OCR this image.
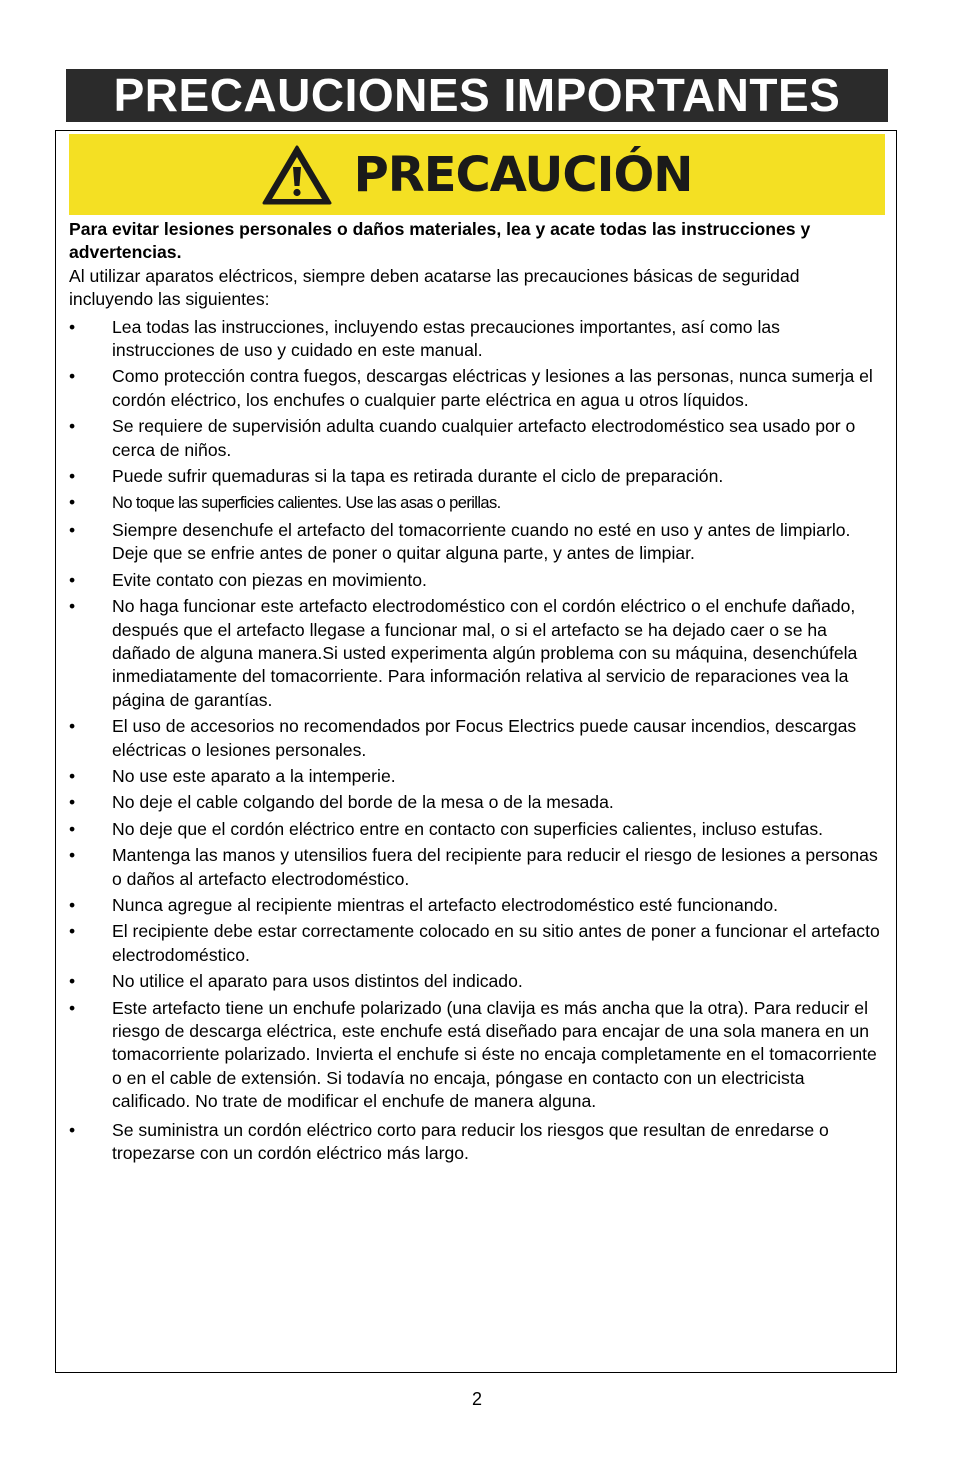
PRECAUCIONES IMPORTANTES
PRECAUCIÓN

Para evitar lesiones personales o daños materiales, lea y acate todas las instrucciones y advertencias.

Al utilizar aparatos eléctricos, siempre deben acatarse las precauciones básicas de seguridad incluyendo las siguientes:

•	Lea todas las instrucciones, incluyendo estas precauciones importantes, así como las instrucciones de uso y cuidado en este manual.
•	Como protección contra fuegos, descargas eléctricas y lesiones a las personas, nunca sumerja el cordón eléctrico, los enchufes o cualquier parte eléctrica en agua u otros líquidos.
•	Se requiere de supervisión adulta cuando cualquier artefacto electrodoméstico sea usado por o cerca de niños.
•	Puede sufrir quemaduras si la tapa es retirada durante el ciclo de preparación.
•	No toque las superficies calientes. Use las asas o perillas.
•	Siempre desenchufe el artefacto del tomacorriente cuando no esté en uso y antes de limpiarlo. Deje que se enfrie antes de poner o quitar alguna parte, y antes de limpiar.
•	Evite contato con piezas en movimiento.
•	No haga funcionar este artefacto electrodoméstico con el cordón eléctrico o el enchufe dañado, después que el artefacto llegase a funcionar mal, o si el artefacto se ha dejado caer o se ha dañado de alguna manera.Si usted experimenta algún problema con su máquina, desenchúfela inmediatamente del tomacorriente. Para información relativa al servicio de reparaciones vea la página de garantías.
•	El uso de accesorios no recomendados por Focus Electrics puede causar incendios, descargas eléctricas o lesiones personales.
•	No use este aparato a la intemperie.
•	No deje el cable colgando del borde de la mesa o de la mesada.
•	No deje que el cordón eléctrico entre en contacto con superficies calientes, incluso estufas.
•	Mantenga las manos y utensilios fuera del recipiente para reducir el riesgo de lesiones a personas o daños al artefacto electrodoméstico.
•	Nunca agregue al recipiente mientras el artefacto electrodoméstico esté funcionando.
•	El recipiente debe estar correctamente colocado en su sitio antes de poner a funcionar el artefacto electrodoméstico.
•	No utilice el aparato para usos distintos del indicado.
•	Este artefacto tiene un enchufe polarizado (una clavija es más ancha que la otra). Para reducir el riesgo de descarga eléctrica, este enchufe está diseñado para encajar de una sola manera en un tomacorriente polarizado. Invierta el enchufe si éste no encaja completamente en el tomacorriente o en el cable de extensión. Si todavía no encaja, póngase en contacto con un electricista calificado. No trate de modificar el enchufe de manera alguna.
•	Se suministra un cordón eléctrico corto para reducir los riesgos que resultan de enredarse o tropezarse con un cordón eléctrico más largo.
2
